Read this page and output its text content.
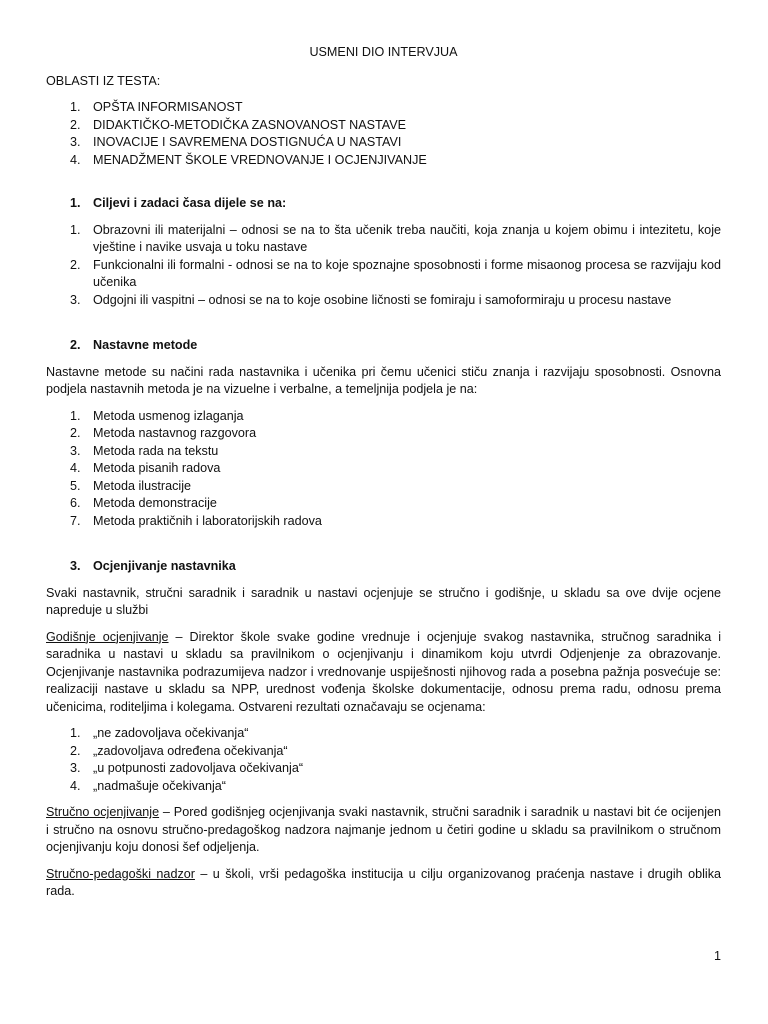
USMENI DIO INTERVJUA
OBLASTI IZ TESTA:
1. OPŠTA INFORMISANOST
2. DIDAKTIČKO-METODIČKA ZASNOVANOST NASTAVE
3. INOVACIJE I SAVREMENA DOSTIGNUĆA U NASTAVI
4. MENADŽMENT ŠKOLE VREDNOVANJE I OCJENJIVANJE
1. Ciljevi i zadaci časa dijele se na:
1. Obrazovni ili materijalni – odnosi se na to šta učenik treba naučiti, koja znanja u kojem obimu i intezitetu, koje vještine i navike usvaja u toku nastave
2. Funkcionalni ili formalni - odnosi se na to koje spoznajne sposobnosti i forme misaonog procesa se razvijaju kod učenika
3. Odgojni ili vaspitni – odnosi se na to koje osobine ličnosti se fomiraju i samoformiraju u procesu nastave
2. Nastavne metode

Nastavne metode su načini rada nastavnika i učenika pri čemu učenici stiču znanja i razvijaju sposobnosti. Osnovna podjela nastavnih metoda je na vizuelne i verbalne, a temeljnija podjela je na:

1. Metoda usmenog izlaganja
2. Metoda nastavnog razgovora
3. Metoda rada na tekstu
4. Metoda pisanih radova
5. Metoda ilustracije
6. Metoda demonstracije
7. Metoda praktičnih i laboratorijskih radova
3. Ocjenjivanje nastavnika

Svaki nastavnik, stručni saradnik i saradnik u nastavi ocjenjuje se stručno i godišnje, u skladu sa ove dvije ocjene napreduje u službi

Godišnje ocjenjivanje – Direktor škole svake godine vrednuje i ocjenjuje svakog nastavnika, stručnog saradnika i saradnika u nastavi u skladu sa pravilnikom o ocjenjivanju i dinamikom koju utvrdi Odjenjenje za obrazovanje. Ocjenjivanje nastavnika podrazumijeva nadzor i vrednovanje uspiješnosti njihovog rada a posebna pažnja posvećuje se: realizaciji nastave u skladu sa NPP, urednost vođenja školske dokumentacije, odnosu prema radu, odnosu prema učenicima, roditeljima i kolegama. Ostvareni rezultati označavaju se ocjenama:

1. „ne zadovoljava očekivanja“
2. „zadovoljava određena očekivanja“
3. „u potpunosti zadovoljava očekivanja“
4. „nadmašuje očekivanja“

Stručno ocjenjivanje – Pored godišnjeg ocjenjivanja svaki nastavnik, stručni saradnik i saradnik u nastavi bit će ocijenjen i stručno na osnovu stručno-predagoškog nadzora najmanje jednom u četiri godine u skladu sa pravilnikom o stručnom ocjenjivanju koju donosi šef odjeljenja.

Stručno-pedagoški nadzor – u školi, vrši pedagoška institucija u cilju organizovanog praćenja nastave i drugih oblika rada.

1
